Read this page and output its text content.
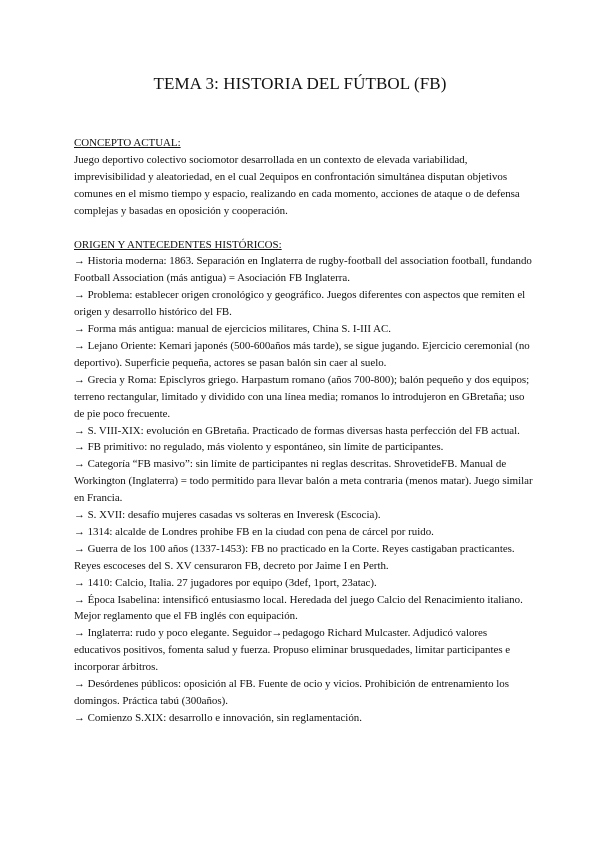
TEMA 3: HISTORIA DEL FÚTBOL (FB)

CONCEPTO ACTUAL:

Juego deportivo colectivo sociomotor desarrollada en un contexto de elevada variabilidad, imprevisibilidad y aleatoriedad, en el cual 2equipos en confrontación simultánea disputan objetivos comunes en el mismo tiempo y espacio, realizando en cada momento, acciones de ataque o de defensa complejas y basadas en oposición y cooperación.

ORIGEN Y ANTECEDENTES HISTÓRICOS:

→ Historia moderna: 1863. Separación en Inglaterra de rugby-football del association football, fundando Football Association (más antigua) = Asociación FB Inglaterra.

→ Problema: establecer origen cronológico y geográfico. Juegos diferentes con aspectos que remiten el origen y desarrollo histórico del FB.

→ Forma más antigua: manual de ejercicios militares, China S. I-III AC.

→ Lejano Oriente: Kemari japonés (500-600años más tarde), se sigue jugando. Ejercicio ceremonial (no deportivo). Superficie pequeña, actores se pasan balón sin caer al suelo.

→ Grecia y Roma: Episclyros griego. Harpastum romano (años 700-800); balón pequeño y dos equipos; terreno rectangular, limitado y dividido con una línea media; romanos lo introdujeron en GBretaña; uso de pie poco frecuente.

→ S. VIII-XIX: evolución en GBretaña. Practicado de formas diversas hasta perfección del FB actual.

→ FB primitivo: no regulado, más violento y espontáneo, sin límite de participantes.

→ Categoría “FB masivo”: sin límite de participantes ni reglas descritas. ShrovetideFB. Manual de Workington (Inglaterra) = todo permitido para llevar balón a meta contraria (menos matar). Juego similar en Francia.

→ S. XVII: desafío mujeres casadas vs solteras en Inveresk (Escocia).

→ 1314: alcalde de Londres prohibe FB en la ciudad con pena de cárcel por ruido.

→ Guerra de los 100 años (1337-1453): FB no practicado en la Corte. Reyes castigaban practicantes. Reyes escoceses del S. XV censuraron FB, decreto por Jaime I en Perth.

→ 1410: Calcio, Italia. 27 jugadores por equipo (3def, 1port, 23atac).

→ Época Isabelina: intensificó entusiasmo local. Heredada del juego Calcio del Renacimiento italiano. Mejor reglamento que el FB inglés con equipación.

→ Inglaterra: rudo y poco elegante. Seguidor→pedagogo Richard Mulcaster. Adjudicó valores educativos positivos, fomenta salud y fuerza. Propuso eliminar brusquedades, limitar participantes e incorporar árbitros.

→ Desórdenes públicos: oposición al FB. Fuente de ocio y vicios. Prohibición de entrenamiento los domingos. Práctica tabú (300años).

→ Comienzo S.XIX: desarrollo e innovación, sin reglamentación.
